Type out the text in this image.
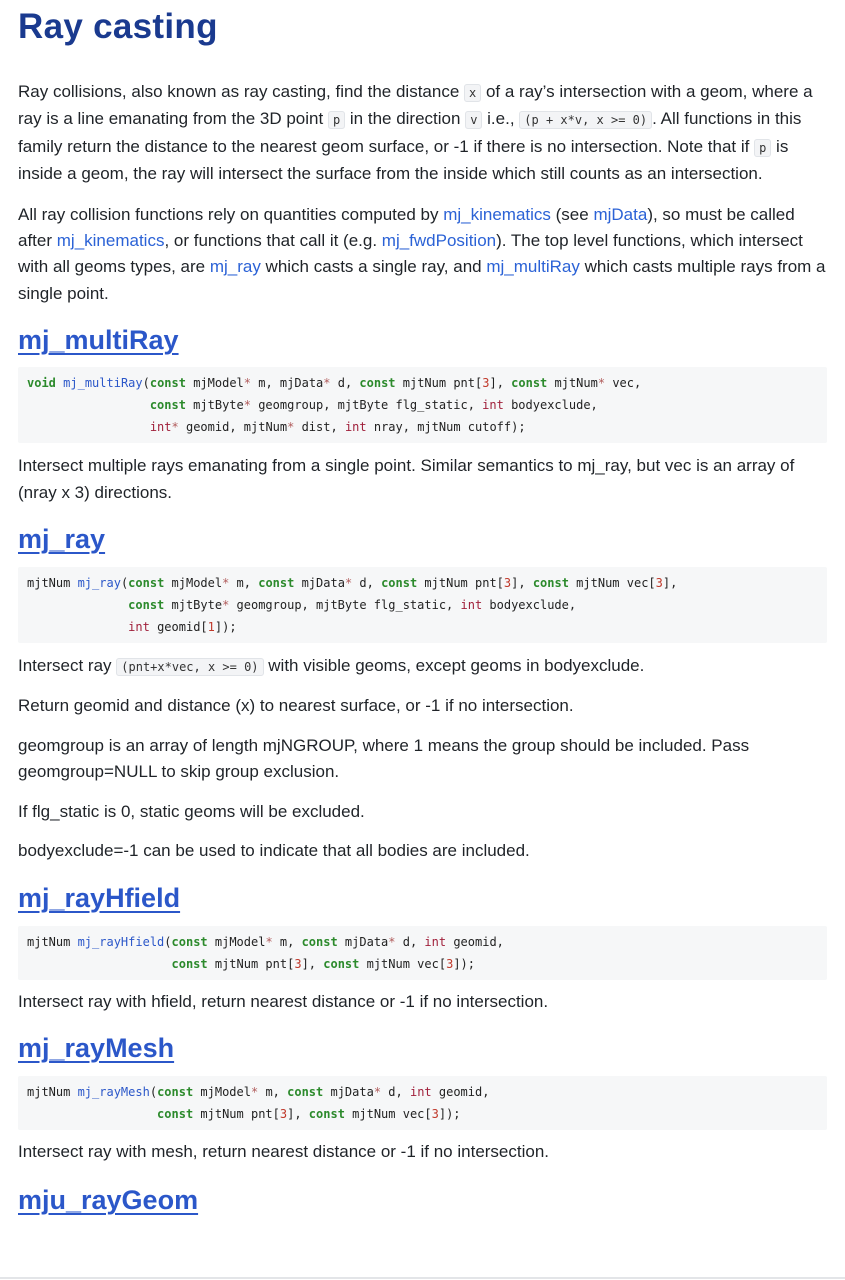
Ray casting

Ray collisions, also known as ray casting, find the distance x of a ray’s intersection with a geom, where a ray is a line emanating from the 3D point p in the direction v i.e., (p + x*v, x >= 0) . All functions in this family return the distance to the nearest geom surface, or -1 if there is no intersection. Note that if p is inside a geom, the ray will intersect the surface from the inside which still counts as an intersection.

All ray collision functions rely on quantities computed by mj_kinematics (see mjData), so must be called after mj_kinematics, or functions that call it (e.g. mj_fwdPosition). The top level functions, which intersect with all geoms types, are mj_ray which casts a single ray, and mj_multiRay which casts multiple rays from a single point.

mj_multiRay
void mj_multiRay(const mjModel* m, mjData* d, const mjtNum pnt[3], const mjtNum* vec,
const mjtByte* geomgroup, mjtByte flg_static, int bodyexclude,
int* geomid, mjtNum* dist, int nray, mjtNum cutoff);

Intersect multiple rays emanating from a single point. Similar semantics to mj_ray, but vec is an array of (nray x 3) directions.

mj_ray
mjtNum mj_ray(const mjModel* m, const mjData* d, const mjtNum pnt[3], const mjtNum vec[3],
const mjtByte* geomgroup, mjtByte flg_static, int bodyexclude,
int geomid[1]);

Intersect ray (pnt+x*vec, x >= 0) with visible geoms, except geoms in bodyexclude.

Return geomid and distance (x) to nearest surface, or -1 if no intersection.

geomgroup is an array of length mjNGROUP, where 1 means the group should be included. Pass geomgroup=NULL to skip group exclusion.

If flg_static is 0, static geoms will be excluded.

bodyexclude=-1 can be used to indicate that all bodies are included.

mj_rayHfield
mjtNum mj_rayHfield(const mjModel* m, const mjData* d, int geomid,
const mjtNum pnt[3], const mjtNum vec[3]);

Intersect ray with hfield, return nearest distance or -1 if no intersection.

mj_rayMesh
mjtNum mj_rayMesh(const mjModel* m, const mjData* d, int geomid,
const mjtNum pnt[3], const mjtNum vec[3]);

Intersect ray with mesh, return nearest distance or -1 if no intersection.

mju_rayGeom
